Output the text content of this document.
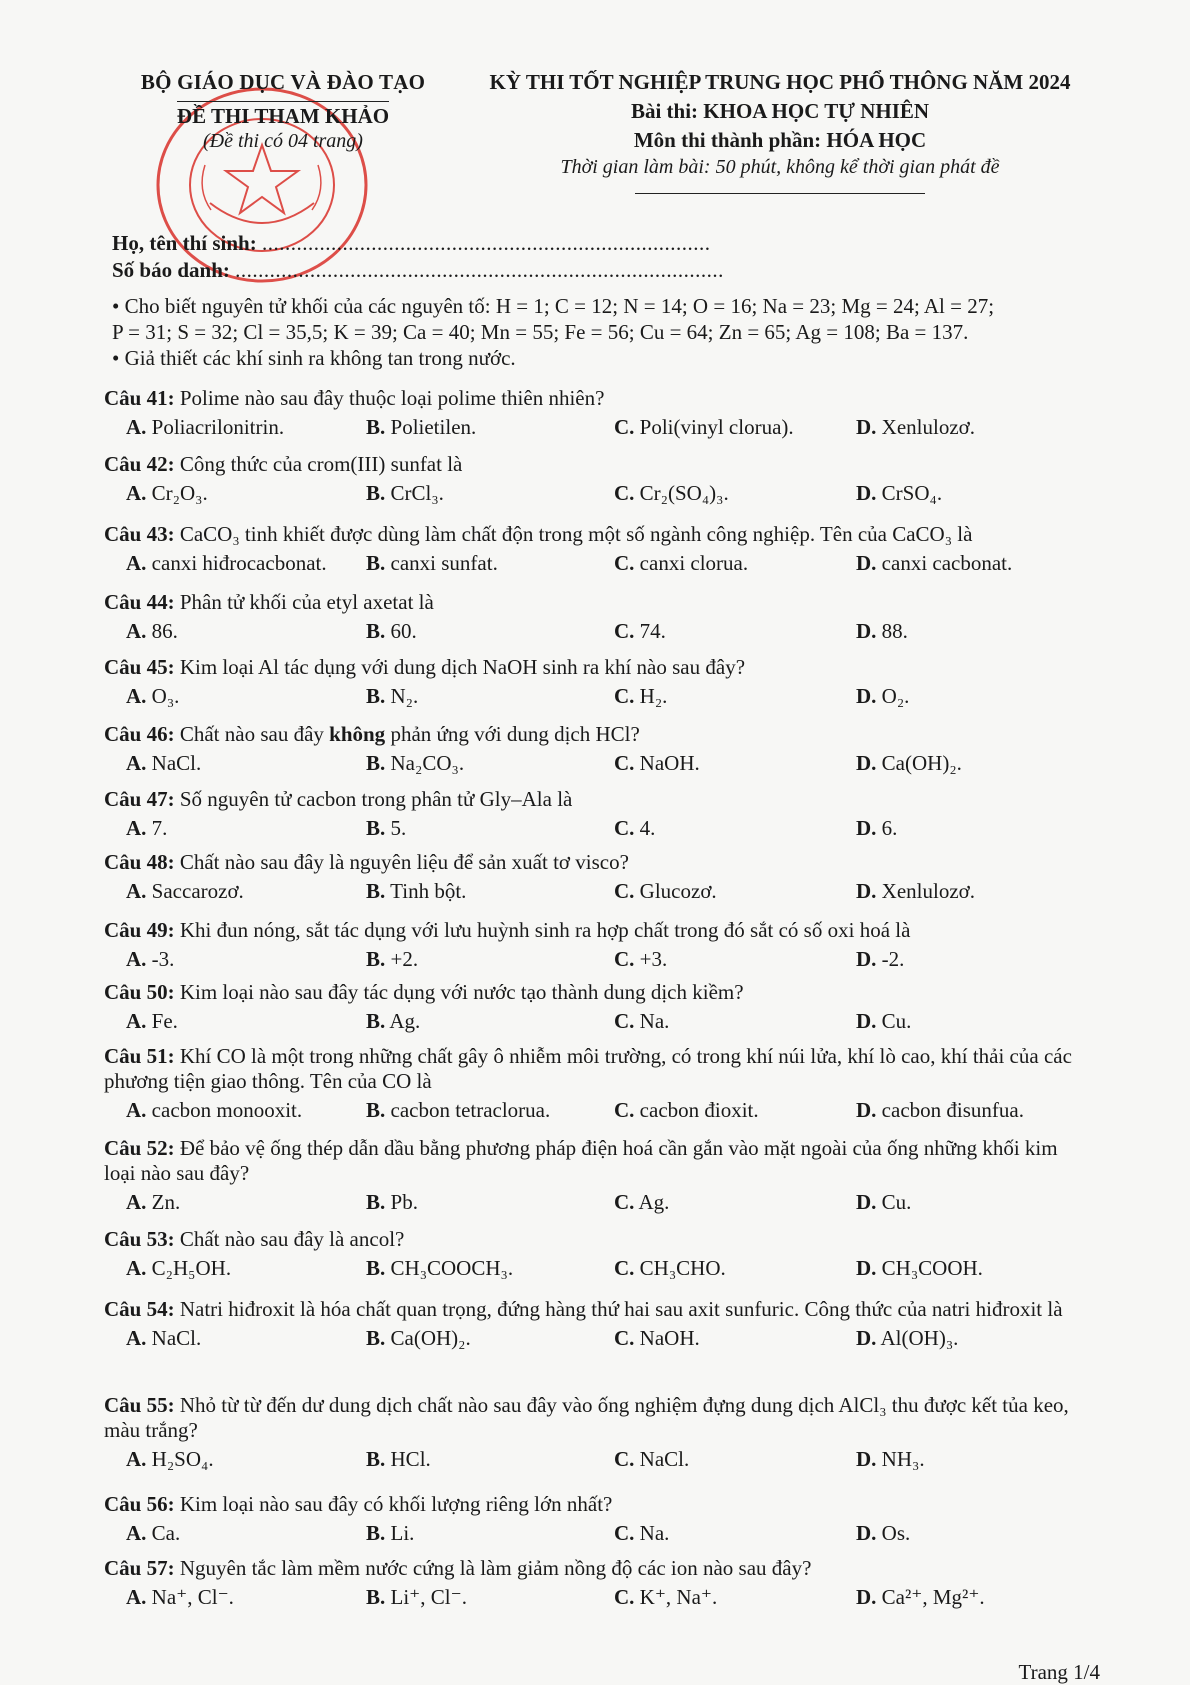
BỘ GIÁO DỤC VÀ ĐÀO TẠO
ĐỀ THI THAM KHẢO
(Đề thi có 04 trang)
KỲ THI TỐT NGHIỆP TRUNG HỌC PHỔ THÔNG NĂM 2024
Bài thi: KHOA HỌC TỰ NHIÊN
Môn thi thành phần: HÓA HỌC
Thời gian làm bài: 50 phút, không kể thời gian phát đề
Họ, tên thí sinh: ..............................................................................
Số báo danh: .....................................................................................
• Cho biết nguyên tử khối của các nguyên tố: H = 1; C = 12; N = 14; O = 16; Na = 23; Mg = 24; Al = 27;
P = 31; S = 32; Cl = 35,5; K = 39; Ca = 40; Mn = 55; Fe = 56; Cu = 64; Zn = 65; Ag = 108; Ba = 137.
• Giả thiết các khí sinh ra không tan trong nước.
Câu 41: Polime nào sau đây thuộc loại polime thiên nhiên?
A. Poliacrilonitrin.	B. Polietilen.	C. Poli(vinyl clorua).	D. Xenlulozơ.
Câu 42: Công thức của crom(III) sunfat là
A. Cr₂O₃.	B. CrCl₃.	C. Cr₂(SO₄)₃.	D. CrSO₄.
Câu 43: CaCO₃ tinh khiết được dùng làm chất độn trong một số ngành công nghiệp. Tên của CaCO₃ là
A. canxi hiđrocacbonat. B. canxi sunfat.	C. canxi clorua.	D. canxi cacbonat.
Câu 44: Phân tử khối của etyl axetat là
A. 86.	B. 60.	C. 74.	D. 88.
Câu 45: Kim loại Al tác dụng với dung dịch NaOH sinh ra khí nào sau đây?
A. O₃.	B. N₂.	C. H₂.	D. O₂.
Câu 46: Chất nào sau đây không phản ứng với dung dịch HCl?
A. NaCl.	B. Na₂CO₃.	C. NaOH.	D. Ca(OH)₂.
Câu 47: Số nguyên tử cacbon trong phân tử Gly–Ala là
A. 7.	B. 5.	C. 4.	D. 6.
Câu 48: Chất nào sau đây là nguyên liệu để sản xuất tơ visco?
A. Saccarozơ.	B. Tinh bột.	C. Glucozơ.	D. Xenlulozơ.
Câu 49: Khi đun nóng, sắt tác dụng với lưu huỳnh sinh ra hợp chất trong đó sắt có số oxi hoá là
A. -3.	B. +2.	C. +3.	D. -2.
Câu 50: Kim loại nào sau đây tác dụng với nước tạo thành dung dịch kiềm?
A. Fe.	B. Ag.	C. Na.	D. Cu.
Câu 51: Khí CO là một trong những chất gây ô nhiễm môi trường, có trong khí núi lửa, khí lò cao, khí thải của các phương tiện giao thông. Tên của CO là
A. cacbon monooxit.	B. cacbon tetraclorua.	C. cacbon đioxit.	D. cacbon đisunfua.
Câu 52: Để bảo vệ ống thép dẫn dầu bằng phương pháp điện hoá cần gắn vào mặt ngoài của ống những khối kim loại nào sau đây?
A. Zn.	B. Pb.	C. Ag.	D. Cu.
Câu 53: Chất nào sau đây là ancol?
A. C₂H₅OH.	B. CH₃COOCH₃.	C. CH₃CHO.	D. CH₃COOH.
Câu 54: Natri hiđroxit là hóa chất quan trọng, đứng hàng thứ hai sau axit sunfuric. Công thức của natri hiđroxit là
A. NaCl.	B. Ca(OH)₂.	C. NaOH.	D. Al(OH)₃.
Câu 55: Nhỏ từ từ đến dư dung dịch chất nào sau đây vào ống nghiệm đựng dung dịch AlCl₃ thu được kết tủa keo, màu trắng?
A. H₂SO₄.	B. HCl.	C. NaCl.	D. NH₃.
Câu 56: Kim loại nào sau đây có khối lượng riêng lớn nhất?
A. Ca.	B. Li.	C. Na.	D. Os.
Câu 57: Nguyên tắc làm mềm nước cứng là làm giảm nồng độ các ion nào sau đây?
A. Na⁺, Cl⁻.	B. Li⁺, Cl⁻.	C. K⁺, Na⁺.	D. Ca²⁺, Mg²⁺.
Trang 1/4
